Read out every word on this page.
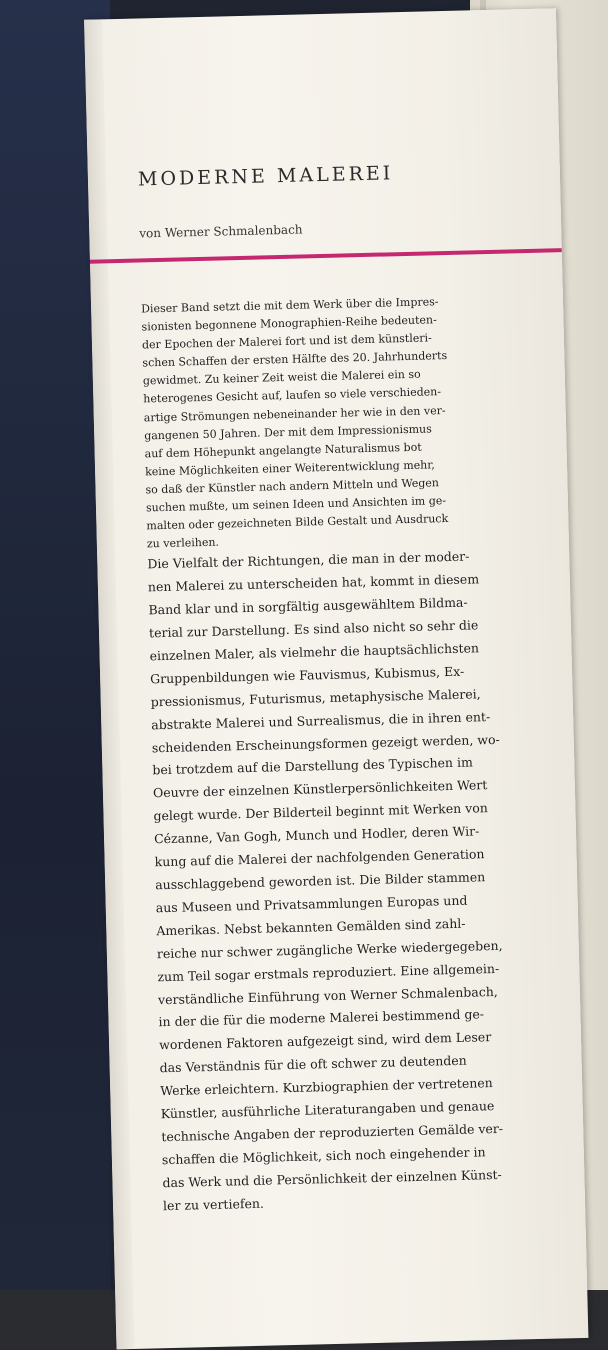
MODERNE MALEREI
von Werner Schmalenbach

Dieser Band setzt die mit dem Werk über die Impres-
sionisten begonnene Monographien-Reihe bedeuten-
der Epochen der Malerei fort und ist dem künstleri-
schen Schaffen der ersten Hälfte des 20. Jahrhunderts
gewidmet. Zu keiner Zeit weist die Malerei ein so
heterogenes Gesicht auf, laufen so viele verschieden-
artige Strömungen nebeneinander her wie in den ver-
gangenen 50 Jahren. Der mit dem Impressionismus
auf dem Höhepunkt angelangte Naturalismus bot
keine Möglichkeiten einer Weiterentwicklung mehr,
so daß der Künstler nach andern Mitteln und Wegen
suchen mußte, um seinen Ideen und Ansichten im ge-
malten oder gezeichneten Bilde Gestalt und Ausdruck
zu verleihen.

Die Vielfalt der Richtungen, die man in der moder-
nen Malerei zu unterscheiden hat, kommt in diesem
Band klar und in sorgfältig ausgewähltem Bildma-
terial zur Darstellung. Es sind also nicht so sehr die
einzelnen Maler, als vielmehr die hauptsächlichsten
Gruppenbildungen wie Fauvismus, Kubismus, Ex-
pressionismus, Futurismus, metaphysische Malerei,
abstrakte Malerei und Surrealismus, die in ihren ent-
scheidenden Erscheinungsformen gezeigt werden, wo-
bei trotzdem auf die Darstellung des Typischen im
Oeuvre der einzelnen Künstlerpersönlichkeiten Wert
gelegt wurde. Der Bilderteil beginnt mit Werken von
Cézanne, Van Gogh, Munch und Hodler, deren Wir-
kung auf die Malerei der nachfolgenden Generation
ausschlaggebend geworden ist. Die Bilder stammen
aus Museen und Privatsammlungen Europas und
Amerikas. Nebst bekannten Gemälden sind zahl-
reiche nur schwer zugängliche Werke wiedergegeben,
zum Teil sogar erstmals reproduziert. Eine allgemein-
verständliche Einführung von Werner Schmalenbach,
in der die für die moderne Malerei bestimmend ge-
wordenen Faktoren aufgezeigt sind, wird dem Leser
das Verständnis für die oft schwer zu deutenden
Werke erleichtern. Kurzbiographien der vertretenen
Künstler, ausführliche Literaturangaben und genaue
technische Angaben der reproduzierten Gemälde ver-
schaffen die Möglichkeit, sich noch eingehender in
das Werk und die Persönlichkeit der einzelnen Künst-
ler zu vertiefen.
